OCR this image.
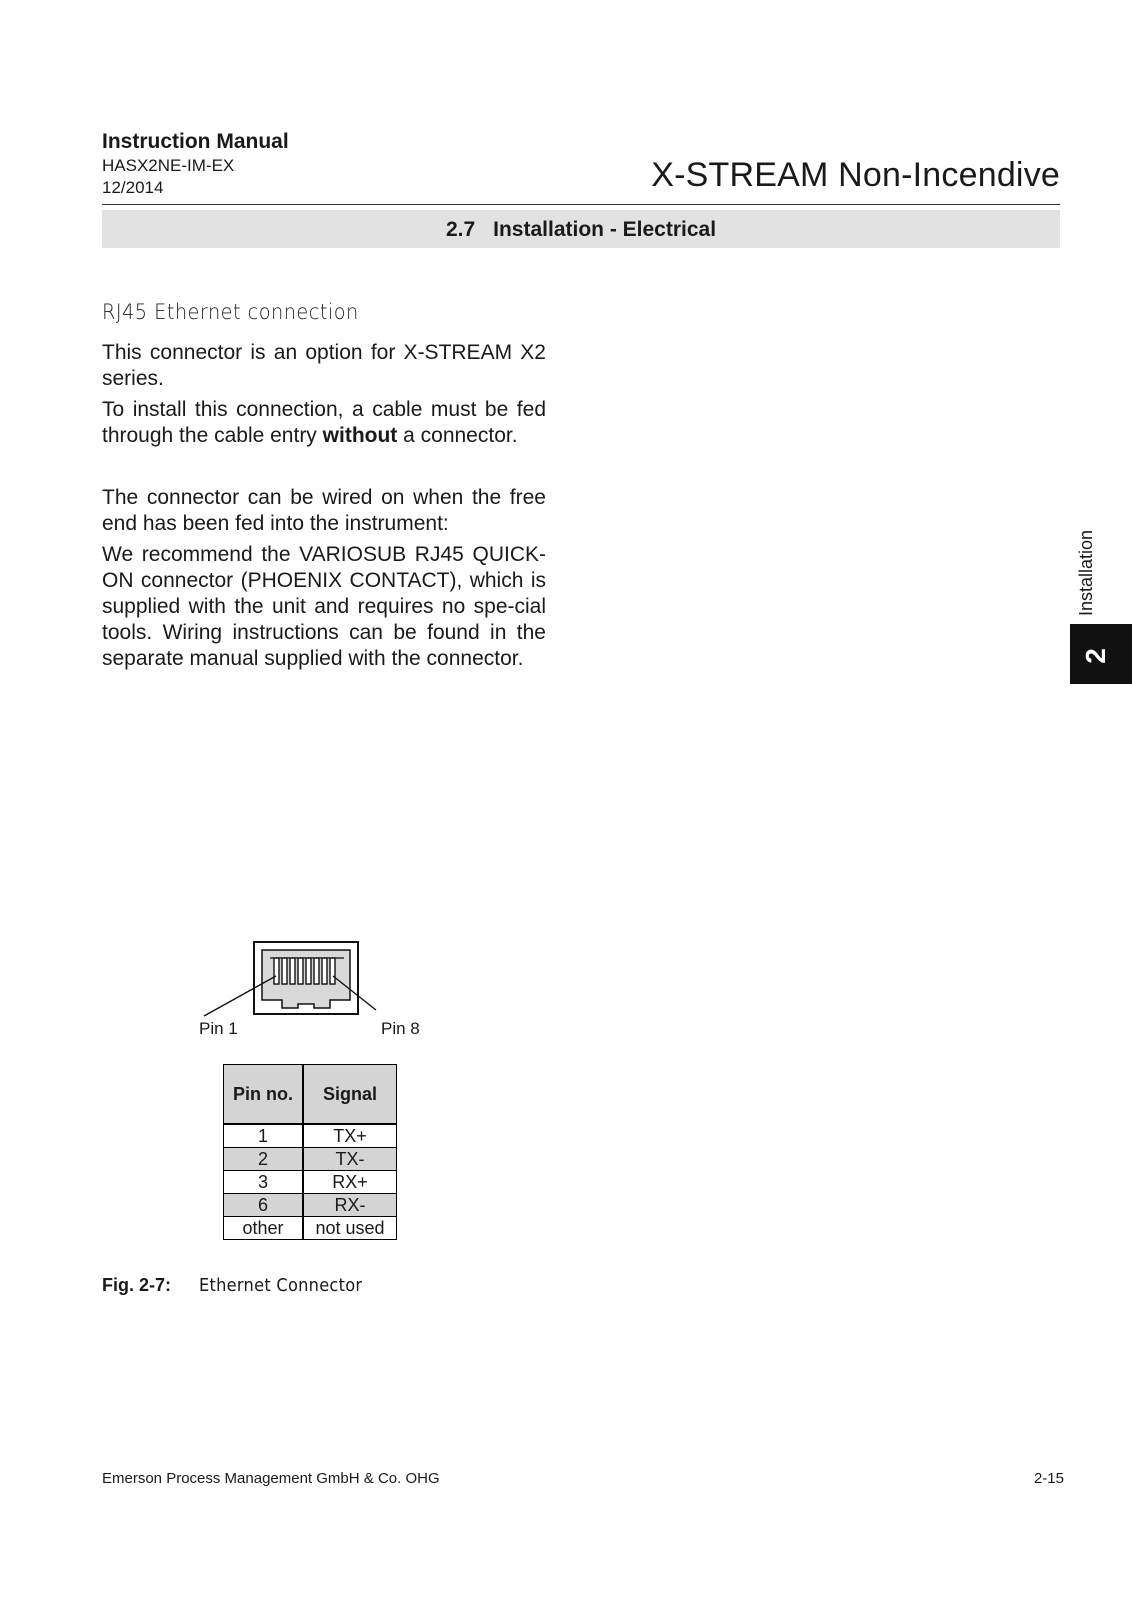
Instruction Manual
HASX2NE-IM-EX
12/2014	X-STREAM Non-Incendive
2.7 Installation - Electrical
RJ45 Ethernet connection
This connector is an option for X-STREAM X2 series.
To install this connection, a cable must be fed through the cable entry without a connector.
The connector can be wired on when the free end has been fed into the instrument:
We recommend the VARIOSUB RJ45 QUICK-ON connector (PHOENIX CONTACT), which is supplied with the unit and requires no spe-cial tools. Wiring instructions can be found in the separate manual supplied with the connector.
Installation
2
Pin 1	Pin 8
Pin no.	Signal
1	TX+
2	TX-
3	RX+
6	RX-
other	not used
Fig. 2-7: Ethernet Connector
Emerson Process Management GmbH & Co. OHG	2-15
